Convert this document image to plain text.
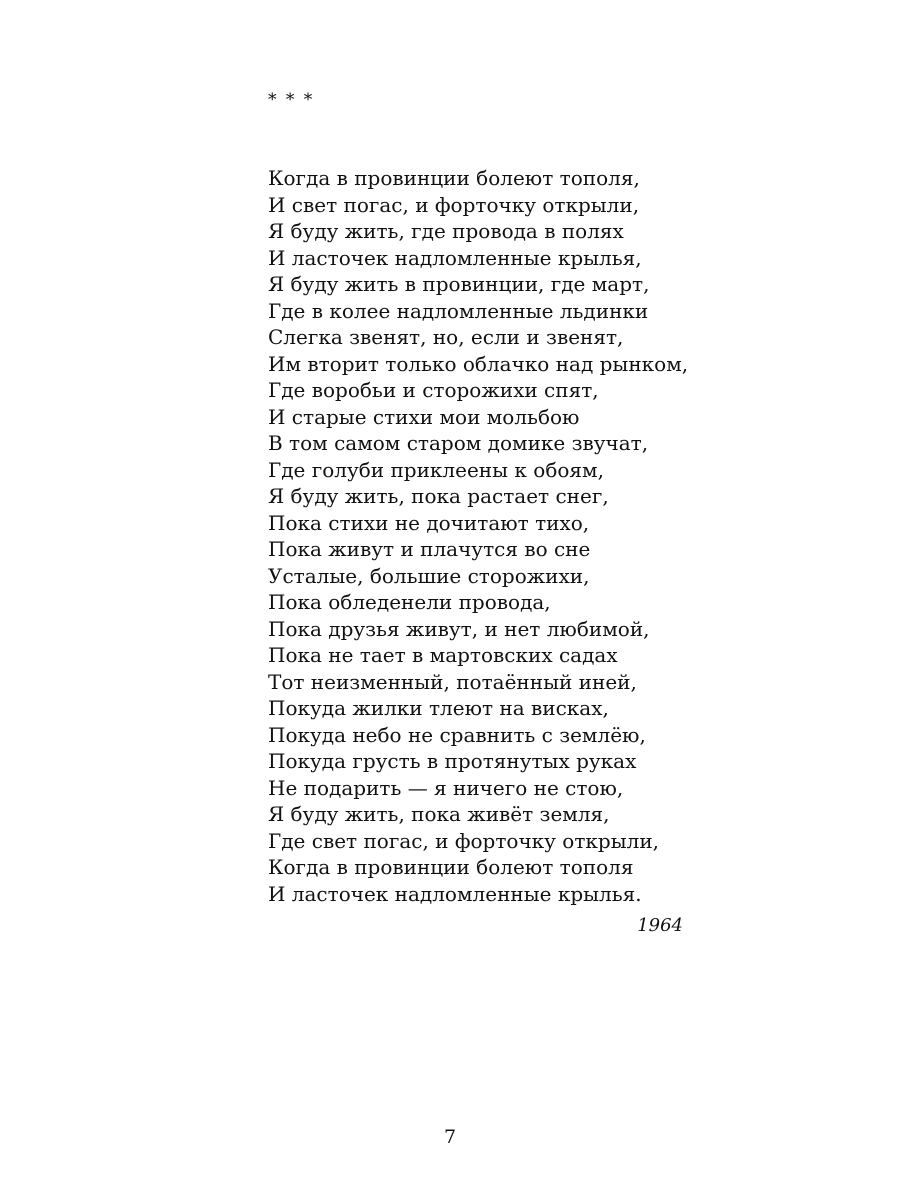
* * *
Когда в провинции болеют тополя,
И свет погас, и форточку открыли,
Я буду жить, где провода в полях
И ласточек надломленные крылья,
Я буду жить в провинции, где март,
Где в колее надломленные льдинки
Слегка звенят, но, если и звенят,
Им вторит только облачко над рынком,
Где воробьи и сторожихи спят,
И старые стихи мои мольбою
В том самом старом домике звучат,
Где голуби приклеены к обоям,
Я буду жить, пока растает снег,
Пока стихи не дочитают тихо,
Пока живут и плачутся во сне
Усталые, большие сторожихи,
Пока обледенели провода,
Пока друзья живут, и нет любимой,
Пока не тает в мартовских садах
Тот неизменный, потаённый иней,
Покуда жилки тлеют на висках,
Покуда небо не сравнить с землёю,
Покуда грусть в протянутых руках
Не подарить — я ничего не стою,
Я буду жить, пока живёт земля,
Где свет погас, и форточку открыли,
Когда в провинции болеют тополя
И ласточек надломленные крылья.
1964
7
